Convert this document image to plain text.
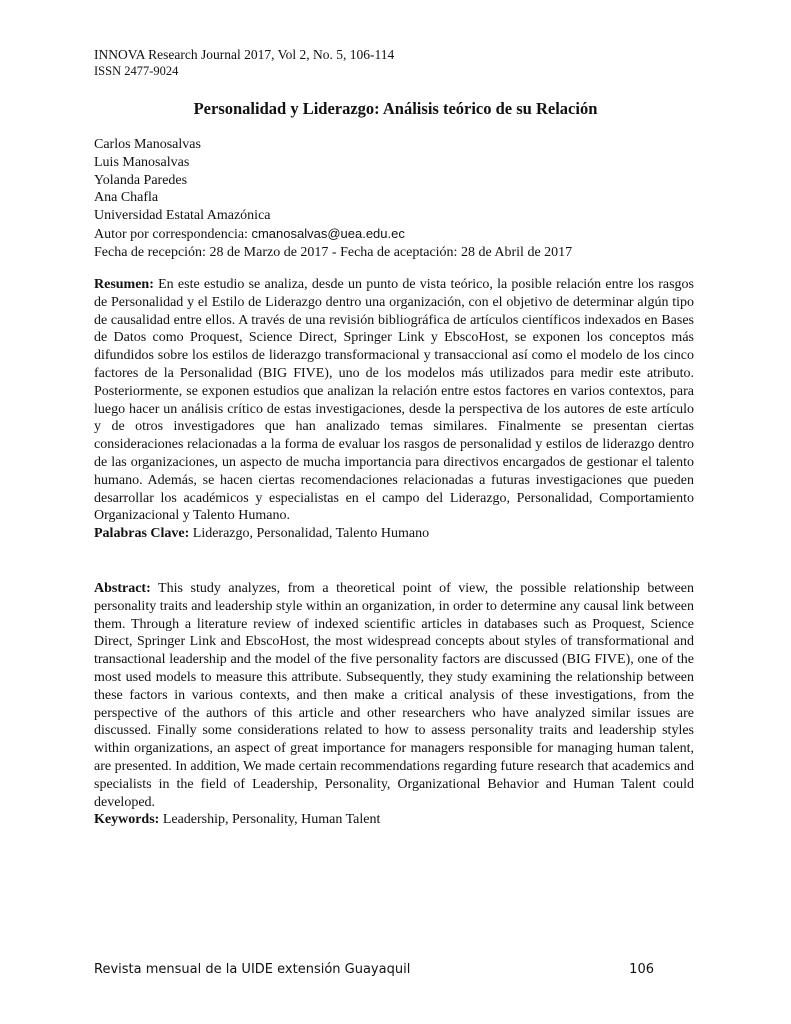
INNOVA Research Journal 2017, Vol 2, No. 5, 106-114
ISSN 2477-9024
Personalidad y Liderazgo: Análisis teórico de su Relación
Carlos Manosalvas
Luis Manosalvas
Yolanda Paredes
Ana Chafla
Universidad Estatal Amazónica
Autor por correspondencia: cmanosalvas@uea.edu.ec
Fecha de recepción: 28 de Marzo de 2017 - Fecha de aceptación: 28 de Abril de 2017
Resumen: En este estudio se analiza, desde un punto de vista teórico, la posible relación entre los rasgos de Personalidad y el Estilo de Liderazgo dentro una organización, con el objetivo de determinar algún tipo de causalidad entre ellos. A través de una revisión bibliográfica de artículos científicos indexados en Bases de Datos como Proquest, Science Direct, Springer Link y EbscoHost, se exponen los conceptos más difundidos sobre los estilos de liderazgo transformacional y transaccional así como el modelo de los cinco factores de la Personalidad (BIG FIVE), uno de los modelos más utilizados para medir este atributo. Posteriormente, se exponen estudios que analizan la relación entre estos factores en varios contextos, para luego hacer un análisis crítico de estas investigaciones, desde la perspectiva de los autores de este artículo y de otros investigadores que han analizado temas similares. Finalmente se presentan ciertas consideraciones relacionadas a la forma de evaluar los rasgos de personalidad y estilos de liderazgo dentro de las organizaciones, un aspecto de mucha importancia para directivos encargados de gestionar el talento humano. Además, se hacen ciertas recomendaciones relacionadas a futuras investigaciones que pueden desarrollar los académicos y especialistas en el campo del Liderazgo, Personalidad, Comportamiento Organizacional y Talento Humano.
Palabras Clave: Liderazgo, Personalidad, Talento Humano
Abstract: This study analyzes, from a theoretical point of view, the possible relationship between personality traits and leadership style within an organization, in order to determine any causal link between them. Through a literature review of indexed scientific articles in databases such as Proquest, Science Direct, Springer Link and EbscoHost, the most widespread concepts about styles of transformational and transactional leadership and the model of the five personality factors are discussed (BIG FIVE), one of the most used models to measure this attribute. Subsequently, they study examining the relationship between these factors in various contexts, and then make a critical analysis of these investigations, from the perspective of the authors of this article and other researchers who have analyzed similar issues are discussed. Finally some considerations related to how to assess personality traits and leadership styles within organizations, an aspect of great importance for managers responsible for managing human talent, are presented. In addition, We made certain recommendations regarding future research that academics and specialists in the field of Leadership, Personality, Organizational Behavior and Human Talent could developed.
Keywords: Leadership, Personality, Human Talent
Revista mensual de la UIDE extensión Guayaquil	106
